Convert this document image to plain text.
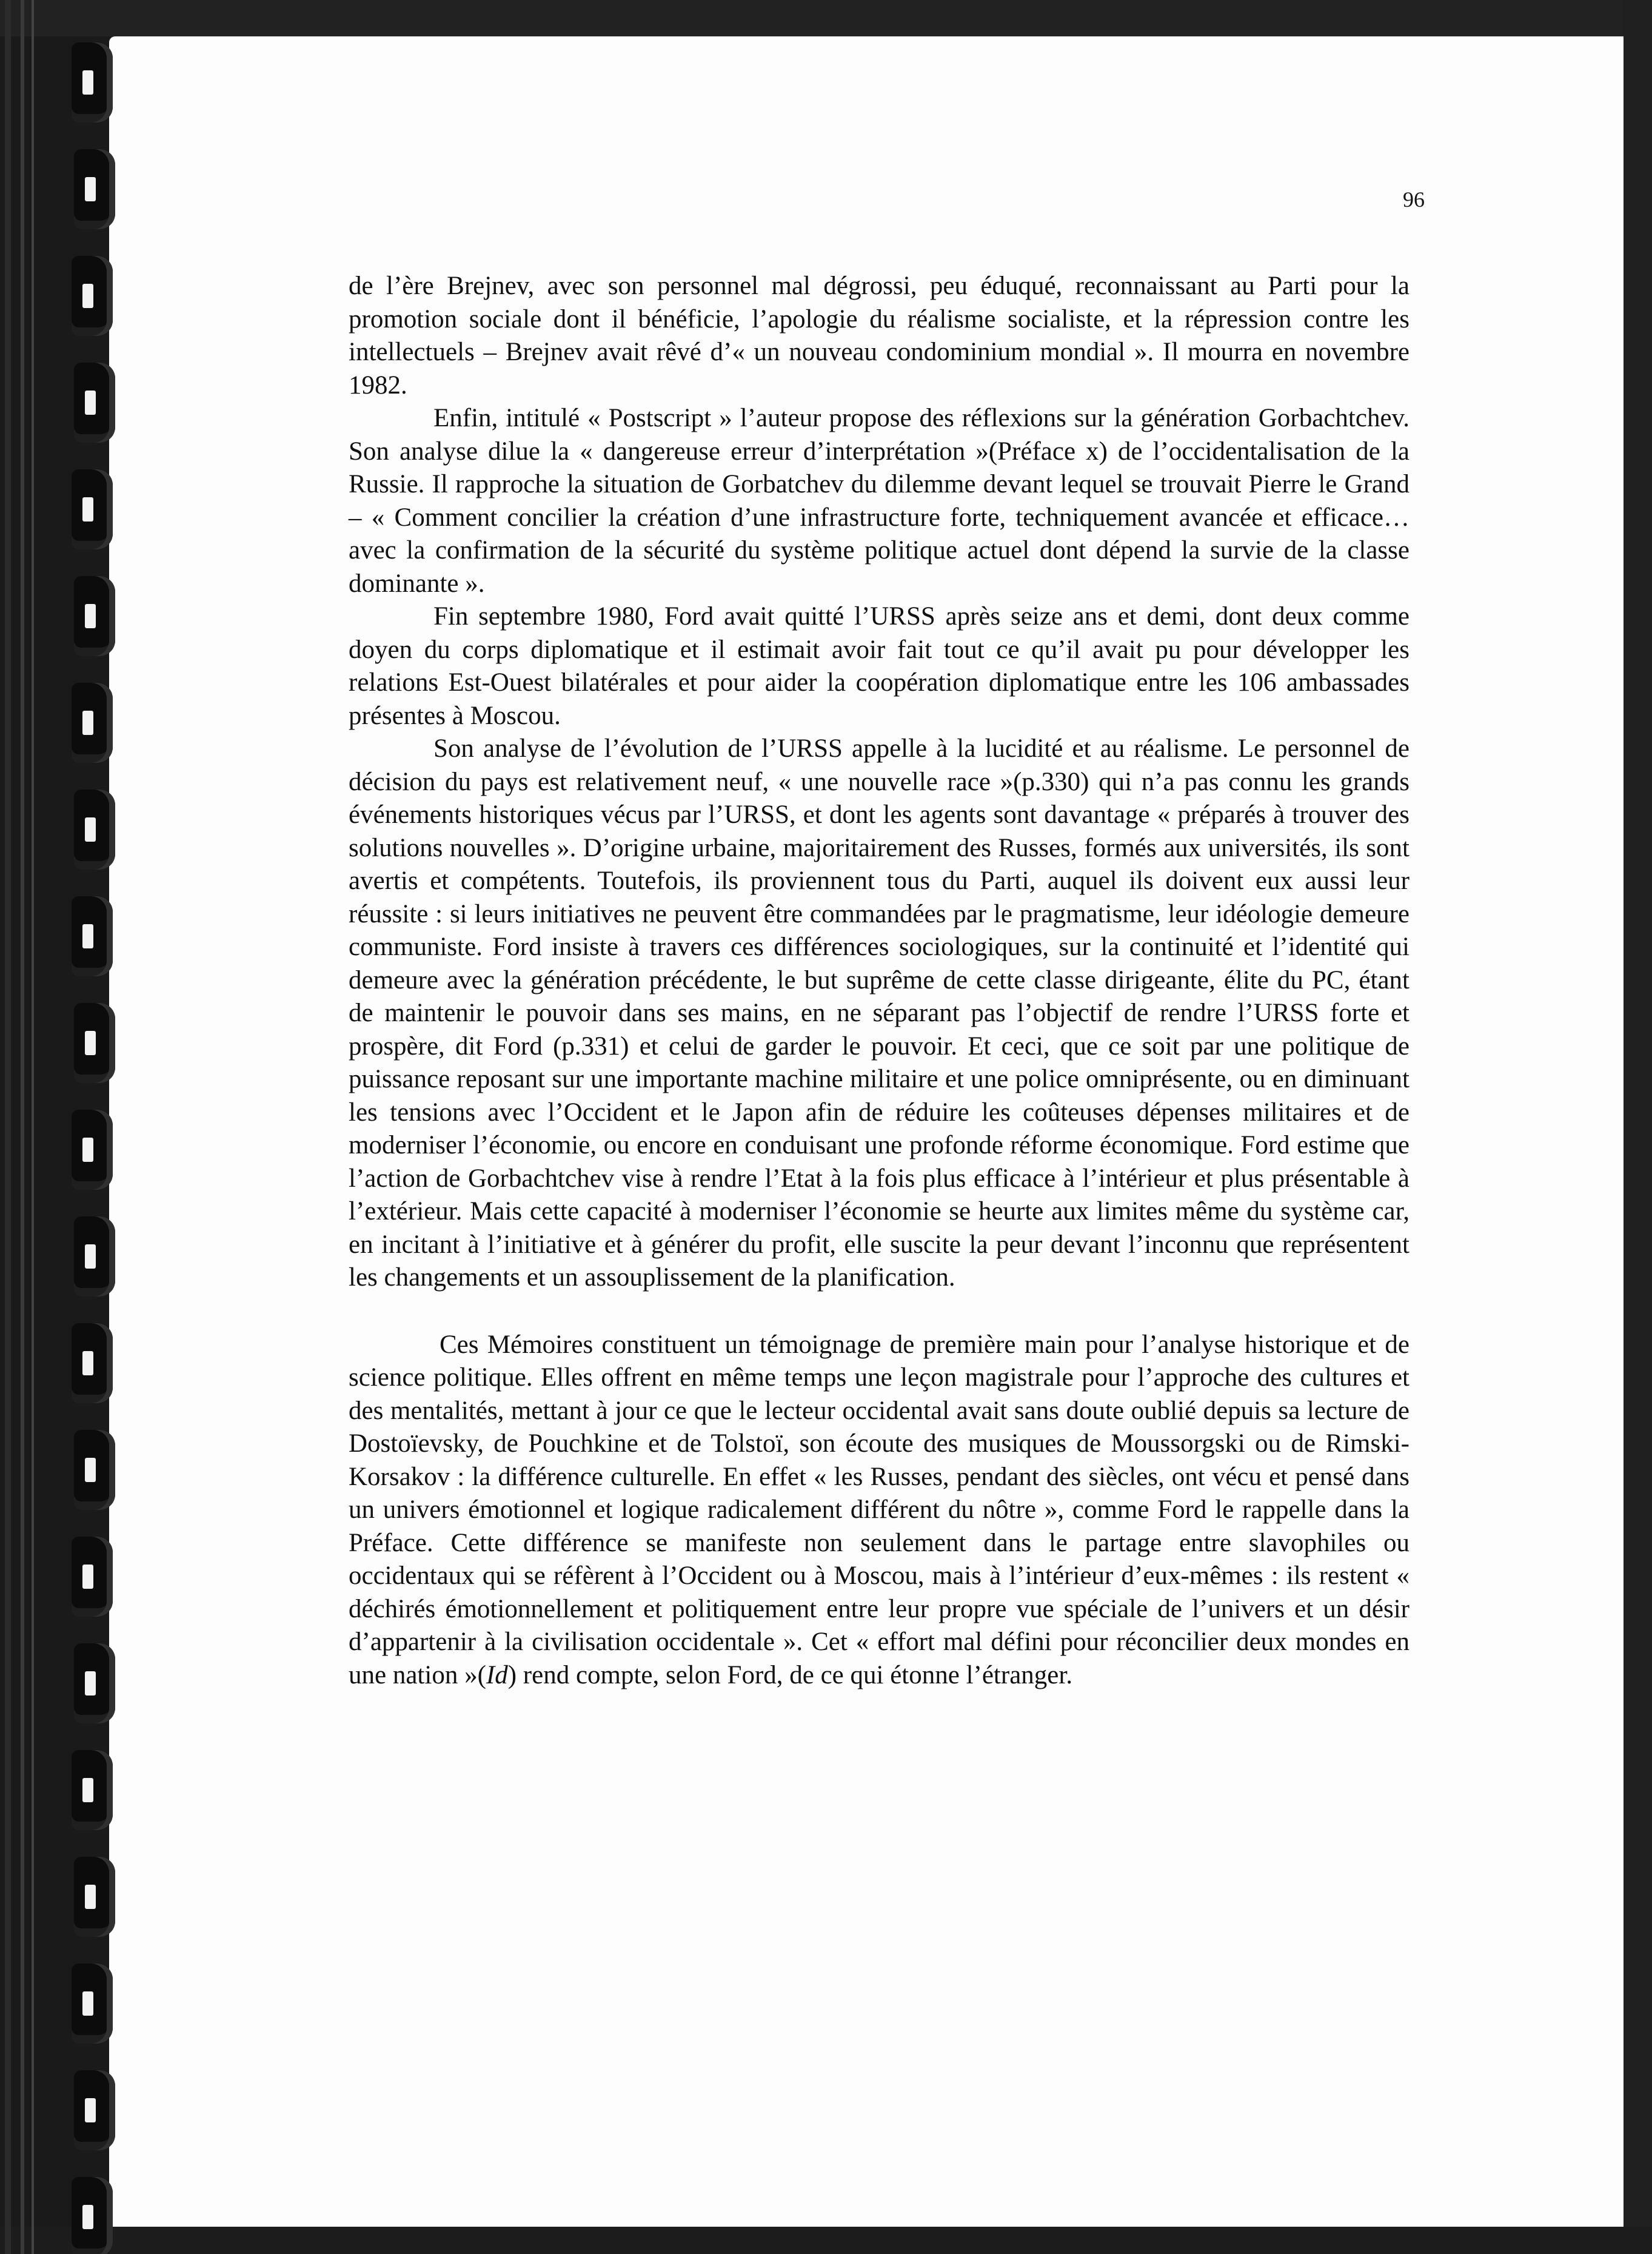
96

de l’ère Brejnev, avec son personnel mal dégrossi, peu éduqué, reconnaissant au Parti pour la promotion sociale dont il bénéficie, l’apologie du réalisme socialiste, et la répression contre les intellectuels – Brejnev avait rêvé d’« un nouveau condominium mondial ». Il mourra en novembre 1982.

Enfin, intitulé « Postscript » l’auteur propose des réflexions sur la génération Gorbachtchev. Son analyse dilue la « dangereuse erreur d’interprétation »(Préface x) de l’occidentalisation de la Russie. Il rapproche la situation de Gorbatchev du dilemme devant lequel se trouvait Pierre le Grand – « Comment concilier la création d’une infrastructure forte, techniquement avancée et efficace…avec la confirmation de la sécurité du système politique actuel dont dépend la survie de la classe dominante ».

Fin septembre 1980, Ford avait quitté l’URSS après seize ans et demi, dont deux comme doyen du corps diplomatique et il estimait avoir fait tout ce qu’il avait pu pour développer les relations Est-Ouest bilatérales et pour aider la coopération diplomatique entre les 106 ambassades présentes à Moscou.

Son analyse de l’évolution de l’URSS appelle à la lucidité et au réalisme. Le personnel de décision du pays est relativement neuf, « une nouvelle race »(p.330) qui n’a pas connu les grands événements historiques vécus par l’URSS, et dont les agents sont davantage « préparés à trouver des solutions nouvelles ». D’origine urbaine, majoritairement des Russes, formés aux universités, ils sont avertis et compétents. Toutefois, ils proviennent tous du Parti, auquel ils doivent eux aussi leur réussite : si leurs initiatives ne peuvent être commandées par le pragmatisme, leur idéologie demeure communiste. Ford insiste à travers ces différences sociologiques, sur la continuité et l’identité qui demeure avec la génération précédente, le but suprême de cette classe dirigeante, élite du PC, étant de maintenir le pouvoir dans ses mains, en ne séparant pas l’objectif de rendre l’URSS forte et prospère, dit Ford (p.331) et celui de garder le pouvoir. Et ceci, que ce soit par une politique de puissance reposant sur une importante machine militaire et une police omniprésente, ou en diminuant les tensions avec l’Occident et le Japon afin de réduire les coûteuses dépenses militaires et de moderniser l’économie, ou encore en conduisant une profonde réforme économique. Ford estime que l’action de Gorbachtchev vise à rendre l’Etat à la fois plus efficace à l’intérieur et plus présentable à l’extérieur. Mais cette capacité à moderniser l’économie se heurte aux limites même du système car, en incitant à l’initiative et à générer du profit, elle suscite la peur devant l’inconnu que représentent les changements et un assouplissement de la planification.

Ces Mémoires constituent un témoignage de première main pour l’analyse historique et de science politique. Elles offrent en même temps une leçon magistrale pour l’approche des cultures et des mentalités, mettant à jour ce que le lecteur occidental avait sans doute oublié depuis sa lecture de Dostoïevsky, de Pouchkine et de Tolstoï, son écoute des musiques de Moussorgski ou de Rimski-Korsakov : la différence culturelle. En effet « les Russes, pendant des siècles, ont vécu et pensé dans un univers émotionnel et logique radicalement différent du nôtre », comme Ford le rappelle dans la Préface. Cette différence se manifeste non seulement dans le partage entre slavophiles ou occidentaux qui se réfèrent à l’Occident ou à Moscou, mais à l’intérieur d’eux-mêmes : ils restent « déchirés émotionnellement et politiquement entre leur propre vue spéciale de l’univers et un désir d’appartenir à la civilisation occidentale ». Cet « effort mal défini pour réconcilier deux mondes en une nation »(Id) rend compte, selon Ford, de ce qui étonne l’étranger.
